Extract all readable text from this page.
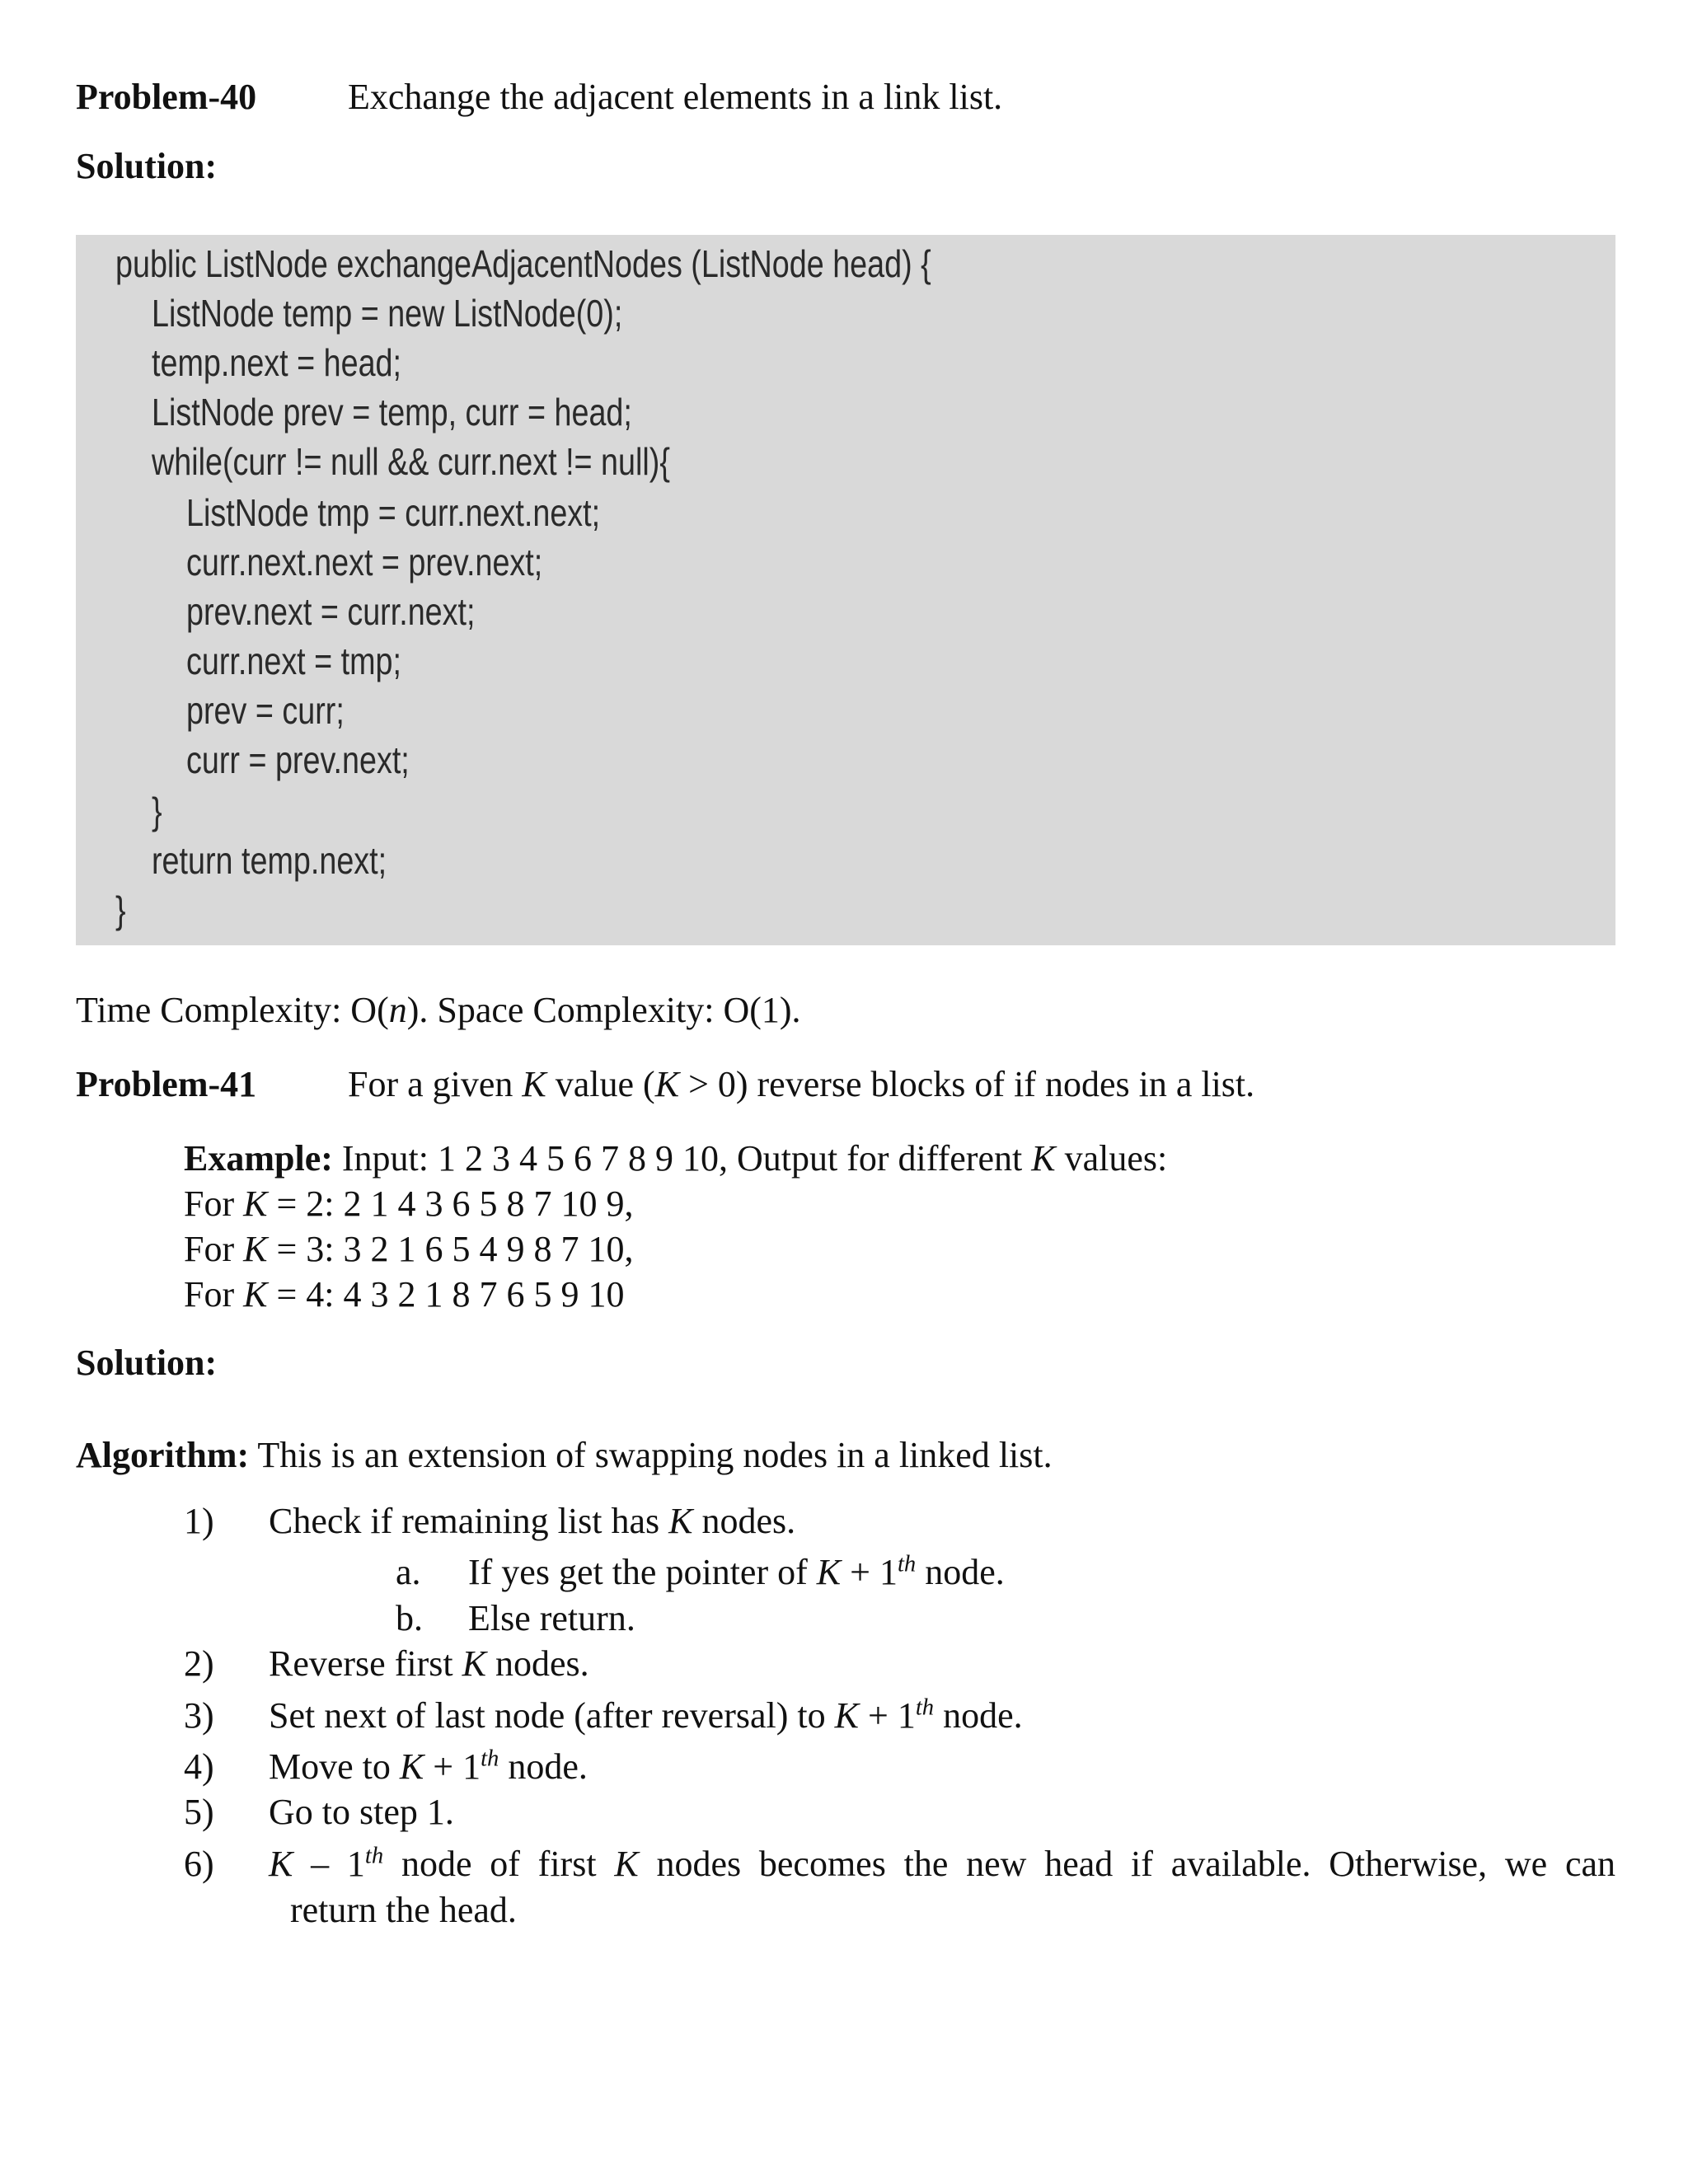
Problem-40	Exchange the adjacent elements in a link list.
Solution:
public ListNode exchangeAdjacentNodes (ListNode head) {
ListNode temp = new ListNode(0);
temp.next = head;
ListNode prev = temp, curr = head;
while(curr != null && curr.next != null){
ListNode tmp = curr.next.next;
curr.next.next = prev.next;
prev.next = curr.next;
curr.next = tmp;
prev = curr;
curr = prev.next;
}
return temp.next;
}
Time Complexity: O(n). Space Complexity: O(1).
Problem-41	For a given K value (K > 0) reverse blocks of if nodes in a list.
Example: Input: 1 2 3 4 5 6 7 8 9 10, Output for different K values:
For K = 2: 2 1 4 3 6 5 8 7 10 9,
For K = 3: 3 2 1 6 5 4 9 8 7 10,
For K = 4: 4 3 2 1 8 7 6 5 9 10
Solution:
Algorithm: This is an extension of swapping nodes in a linked list.
1) Check if remaining list has K nodes.
a. If yes get the pointer of K + 1th node.
b. Else return.
2) Reverse first K nodes.
3) Set next of last node (after reversal) to K + 1th node.
4) Move to K + 1th node.
5) Go to step 1.
6) K – 1th node of first K nodes becomes the new head if available. Otherwise, we can
return the head.
